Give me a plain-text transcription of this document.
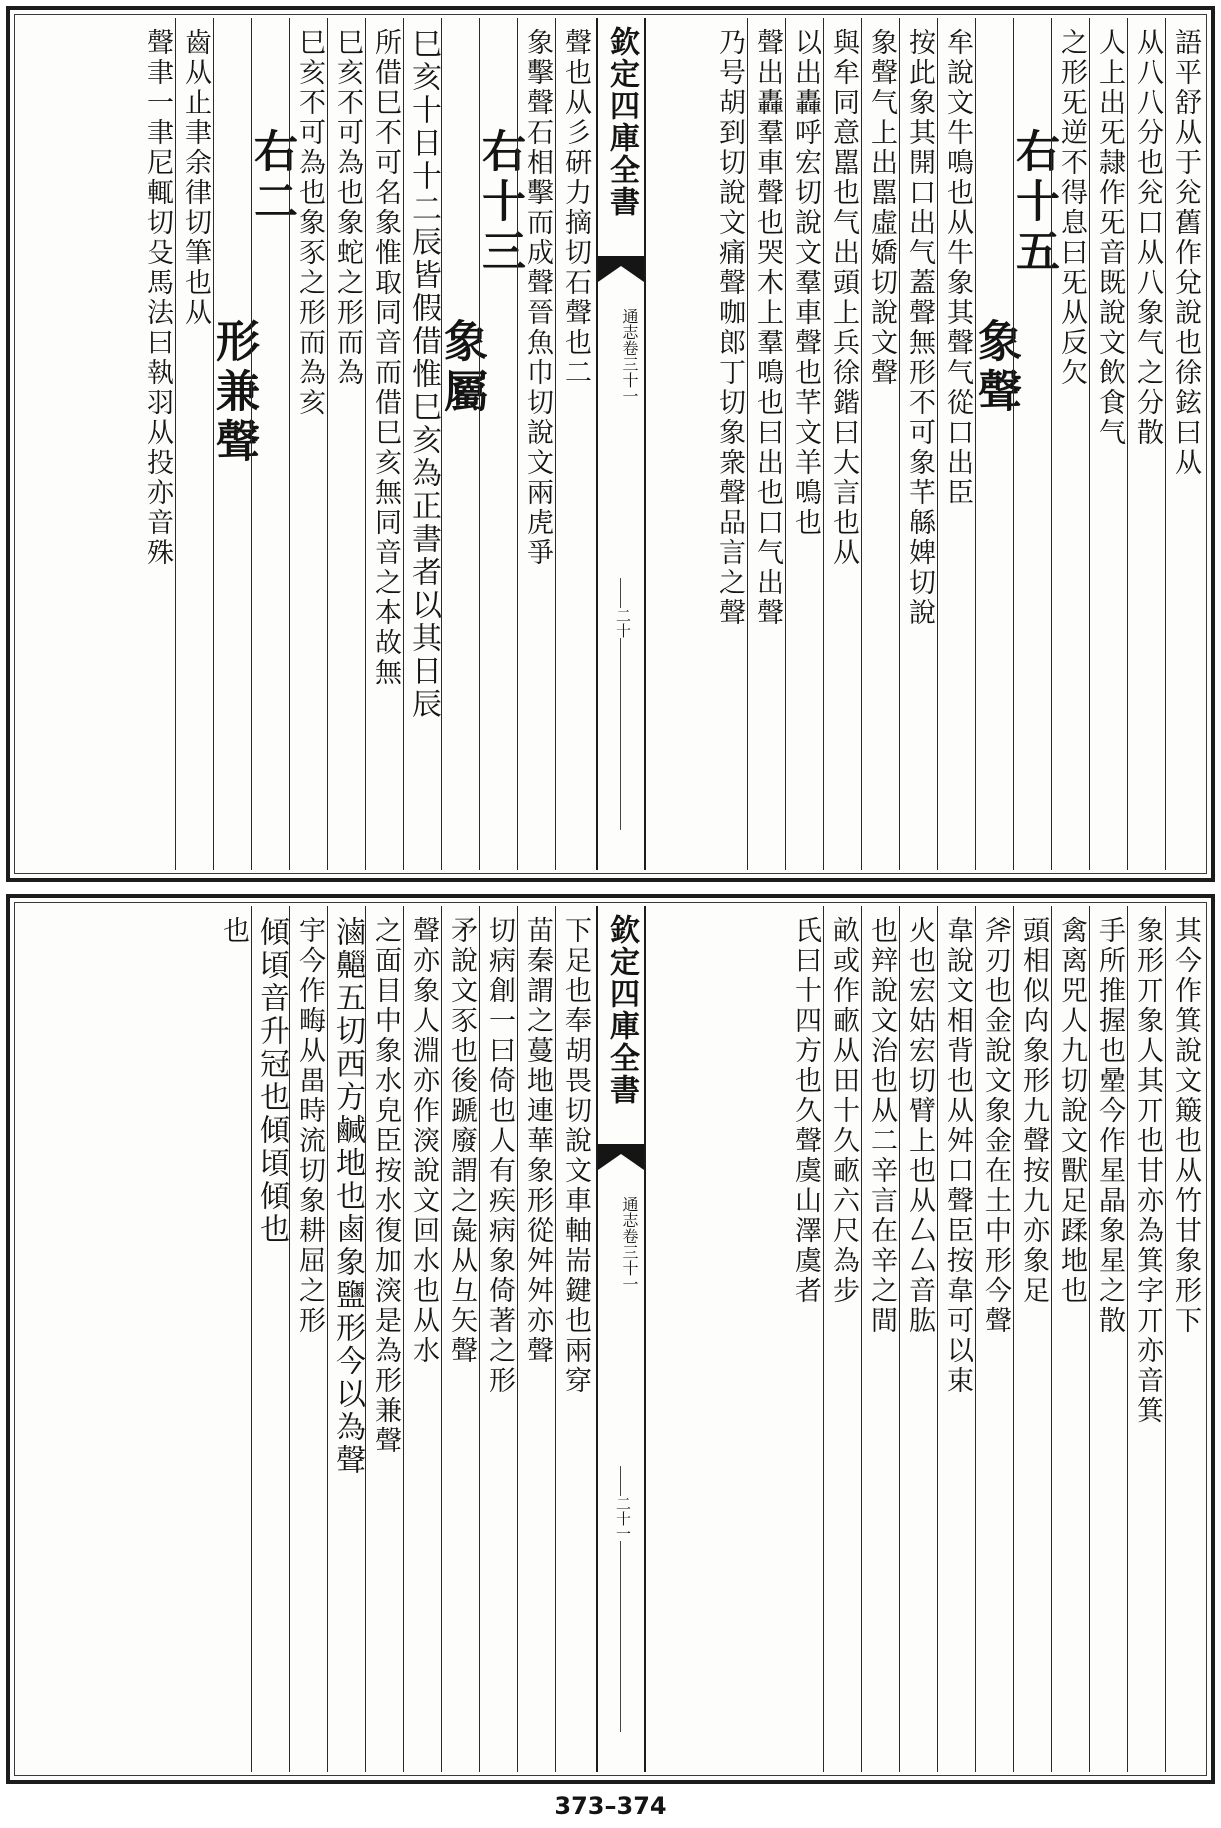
語平舒从于兊舊作兌說也徐鉉曰从
从八八分也兊口从八象气之分散
人上出旡隷作旡音既說文飲食气
之形旡逆不得息曰旡从反欠
右十五
象聲
牟說文牛鳴也从牛象其聲气從口出臣
按此象其開口出气蓋聲無形不可象芊緜婢切說
象聲气上出嚚虛嬌切說文聲
與牟同意嚚也气出頭上兵徐鍇曰大言也从
以出轟呼宏切說文羣車聲也芊文羊鳴也
聲出轟羣車聲也哭木上羣鳴也曰出也口气出聲
乃号胡到切說文痛聲咖郎丁切象衆聲品言之聲
欽定四庫全書
通志卷三十一
二十
聲也从彡硏力摘切石聲也二
象擊聲石相擊而成聲晉魚巾切說文兩虎爭
右十三
象屬
巳亥十日十二辰皆假借惟巳亥為正書者以其日辰
所借巳不可名象惟取同音而借巳亥無同音之本故無
巳亥不可為也象蛇之形而為
巳亥不可為也象豕之形而為亥
右二
形兼聲
齒从止聿余律切筆也从
聲聿一聿尼輒切殳馬法曰執羽从投亦音殊
其今作箕說文簸也从竹甘象形下
象形丌象人其丌也甘亦為箕字丌亦音箕
手所推握也曐今作星晶象星之散
禽离兕人九切說文獸足蹂地也
頭相似禸象形九聲按九亦象足
斧刃也金說文象金在土中形今聲
韋說文相背也从舛口聲臣按韋可以束
火也宏姑宏切臂上也从厶厶音肱
也辡說文治也从二辛言在辛之間
畝或作畞从田十久畞六尺為步
氏曰十四方也久聲虞山澤虞者
欽定四庫全書
通志卷三十一
二十一
下足也奉胡畏切說文車軸耑鍵也兩穿
苗秦謂之蔓地連華象形從舛舛亦聲
切病創一曰倚也人有疾病象倚著之形
矛說文豕也後蹏廢謂之彘从彑矢聲
聲亦象人淵亦作㴱說文回水也从水
之面目中象水皃臣按水復加㴱是為形兼聲
滷齆五切西方鹹地也鹵象鹽形今以為聲
宇今作畮从畕時流切象耕屈之形
傾頃音升冠也傾頃傾也
也
373–374
